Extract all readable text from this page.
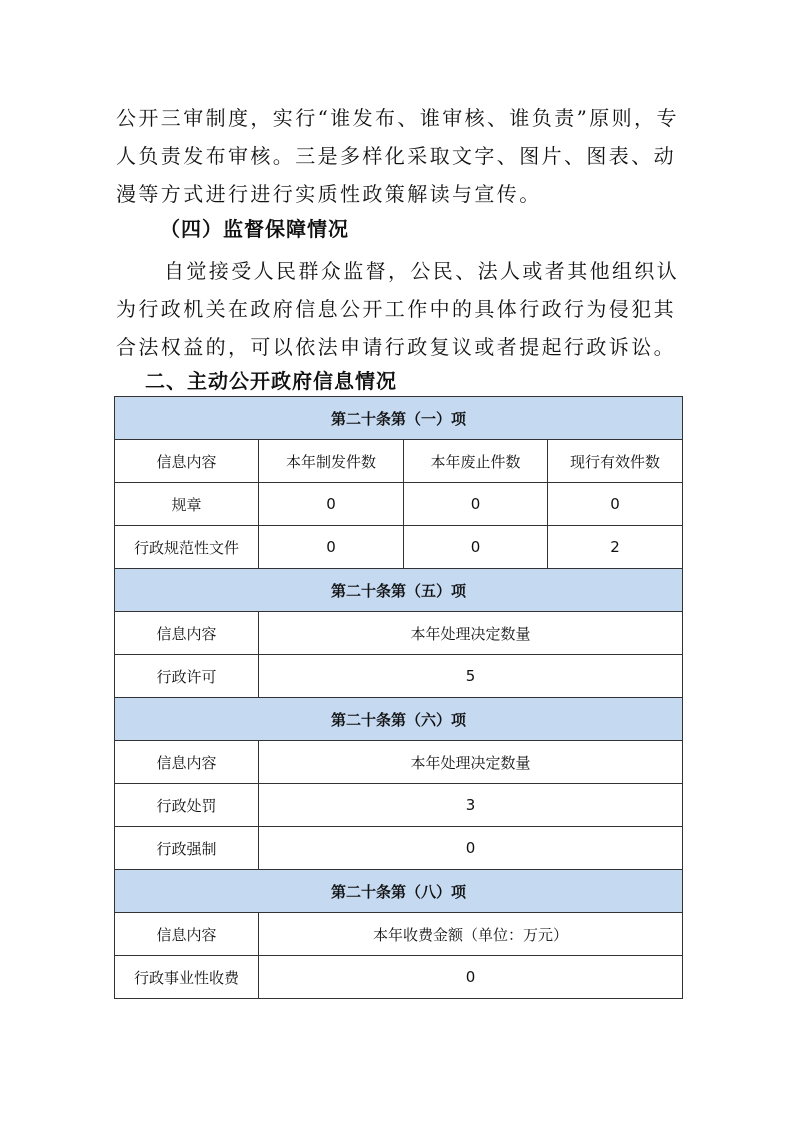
公开三审制度，实行“谁发布、谁审核、谁负责”原则，专人负责发布审核。三是多样化采取文字、图片、图表、动漫等方式进行进行实质性政策解读与宣传。

（四）监督保障情况

自觉接受人民群众监督，公民、法人或者其他组织认为行政机关在政府信息公开工作中的具体行政行为侵犯其合法权益的，可以依法申请行政复议或者提起行政诉讼。

二、主动公开政府信息情况

第二十条第（一）项			
信息内容	本年制发件数	本年废止件数	现行有效件数
规章	0	0	0
行政规范性文件	0	0	2
第二十条第（五）项			
信息内容	本年处理决定数量		
行政许可	5		
第二十条第（六）项			
信息内容	本年处理决定数量		
行政处罚	3		
行政强制	0		
第二十条第（八）项			
信息内容	本年收费金额（单位：万元）		
行政事业性收费	0		
